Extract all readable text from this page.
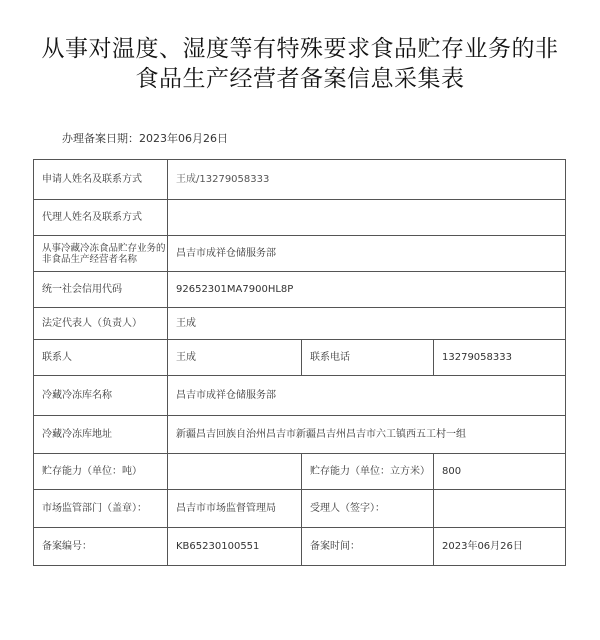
从事对温度、湿度等有特殊要求食品贮存业务的非
食品生产经营者备案信息采集表
办理备案日期：2023年06月26日
申请人姓名及联系方式	王成/13279058333		
代理人姓名及联系方式			
从事冷藏冷冻食品贮存业务的非食品生产经营者名称	昌吉市成祥仓储服务部		
统一社会信用代码	92652301MA7900HL8P		
法定代表人（负责人）	王成		
联系人	王成	联系电话	13279058333
冷藏冷冻库名称	昌吉市成祥仓储服务部		
冷藏冷冻库地址	新疆昌吉回族自治州昌吉市新疆昌吉州昌吉市六工镇西五工村一组		
贮存能力（单位：吨）		贮存能力（单位：立方米）	800
市场监管部门（盖章）：	昌吉市市场监督管理局	受理人（签字）：	
备案编号：	KB65230100551	备案时间：	2023年06月26日
